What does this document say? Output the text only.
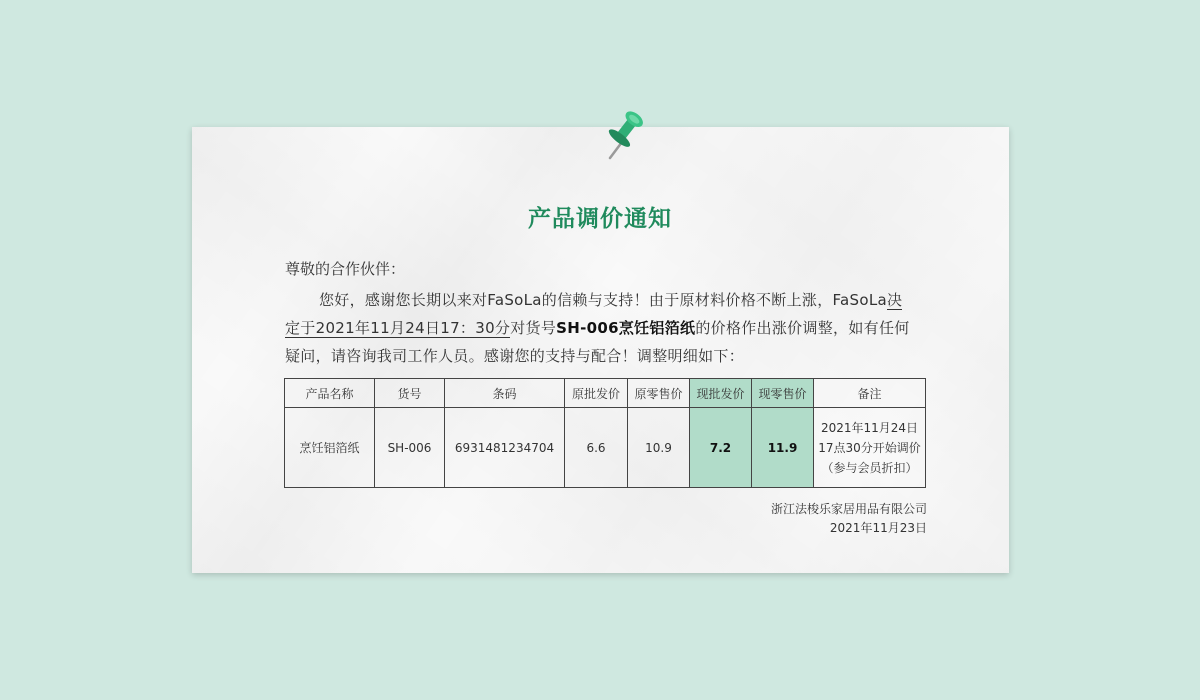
产品调价通知
尊敬的合作伙伴：
您好，感谢您长期以来对FaSoLa的信赖与支持！由于原材料价格不断上涨，FaSoLa决定于2021年11月24日17：30分对货号SH-006烹饪铝箔纸的价格作出涨价调整，如有任何疑问，请咨询我司工作人员。感谢您的支持与配合！调整明细如下：
产品名称	货号	条码	原批发价	原零售价	现批发价	现零售价	备注
烹饪铝箔纸	SH-006	6931481234704	6.6	10.9	7.2	11.9	2021年11月24日
17点30分开始调价
（参与会员折扣）
浙江法梭乐家居用品有限公司
2021年11月23日
